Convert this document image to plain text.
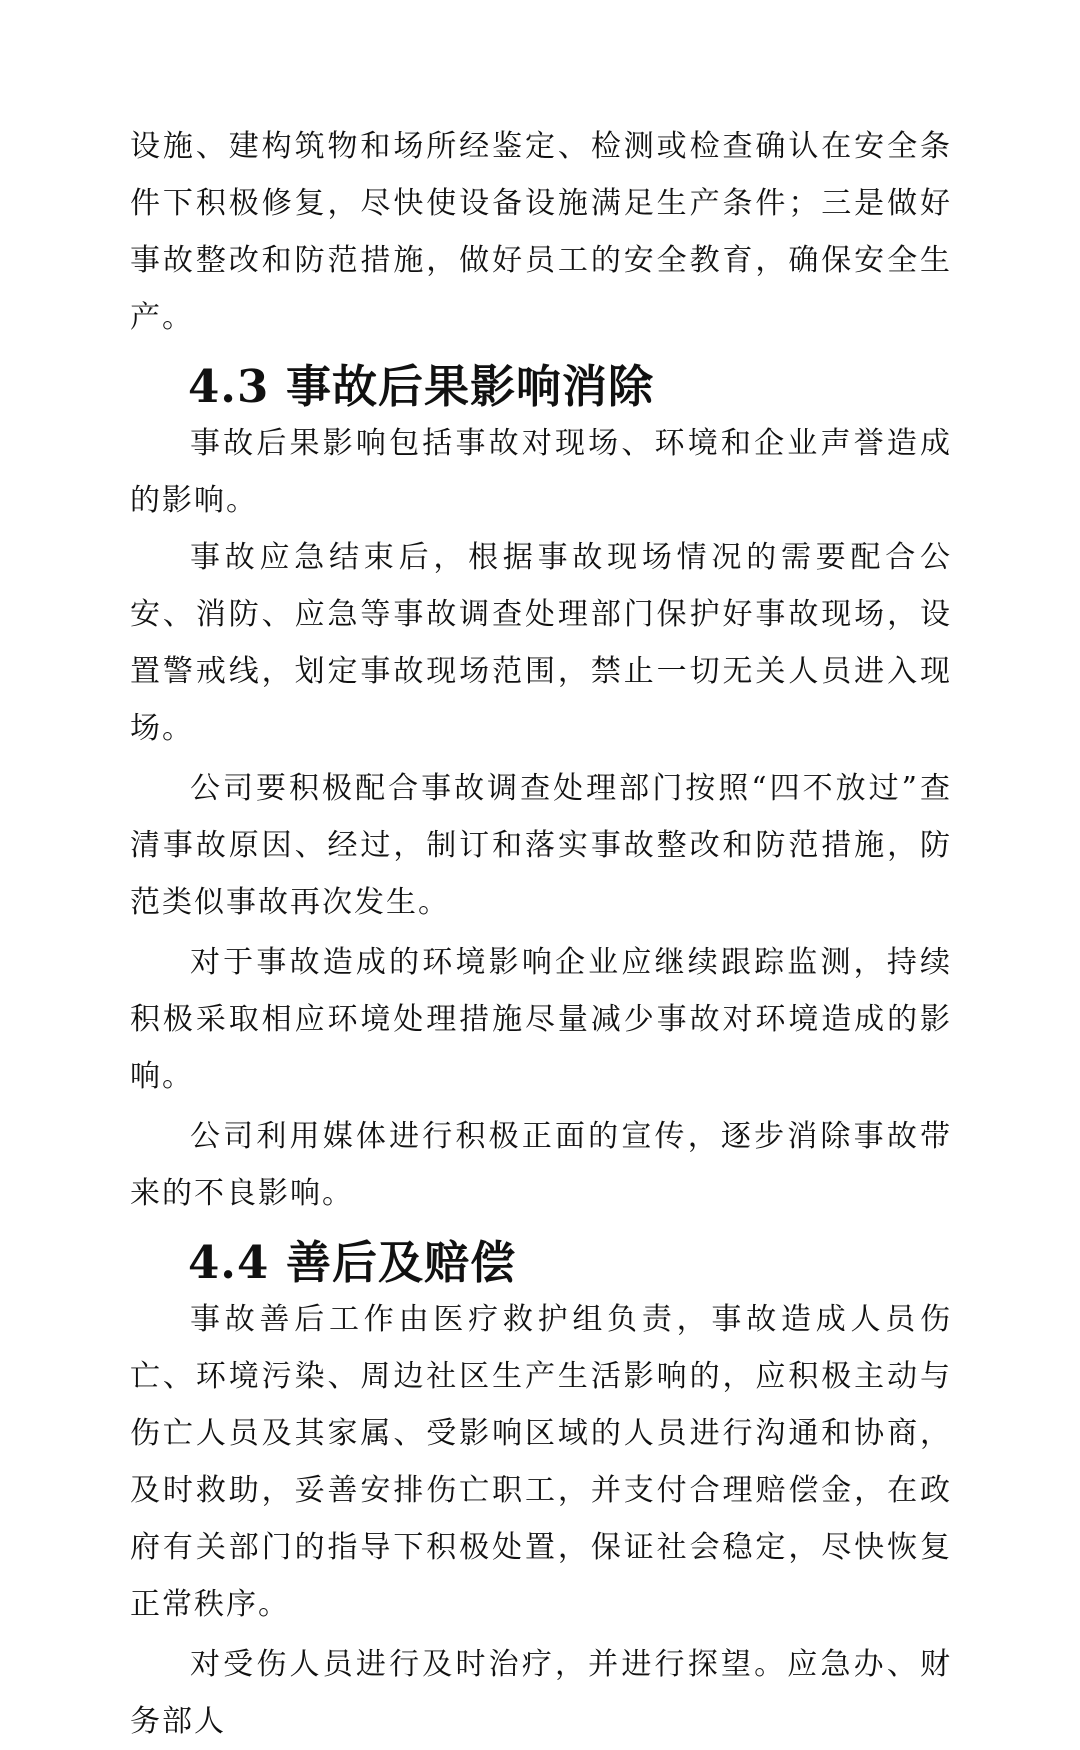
设施、建构筑物和场所经鉴定、检测或检查确认在安全条件下积极修复，尽快使设备设施满足生产条件；三是做好事故整改和防范措施，做好员工的安全教育，确保安全生产。

4.3 事故后果影响消除

事故后果影响包括事故对现场、环境和企业声誉造成的影响。

事故应急结束后，根据事故现场情况的需要配合公安、消防、应急等事故调查处理部门保护好事故现场，设置警戒线，划定事故现场范围，禁止一切无关人员进入现场。

公司要积极配合事故调查处理部门按照“四不放过”查清事故原因、经过，制订和落实事故整改和防范措施，防范类似事故再次发生。

对于事故造成的环境影响企业应继续跟踪监测，持续积极采取相应环境处理措施尽量减少事故对环境造成的影响。

公司利用媒体进行积极正面的宣传，逐步消除事故带来的不良影响。

4.4 善后及赔偿

事故善后工作由医疗救护组负责，事故造成人员伤亡、环境污染、周边社区生产生活影响的，应积极主动与伤亡人员及其家属、受影响区域的人员进行沟通和协商，及时救助，妥善安排伤亡职工，并支付合理赔偿金，在政府有关部门的指导下积极处置，保证社会稳定，尽快恢复正常秩序。

对受伤人员进行及时治疗，并进行探望。应急办、财务部人
